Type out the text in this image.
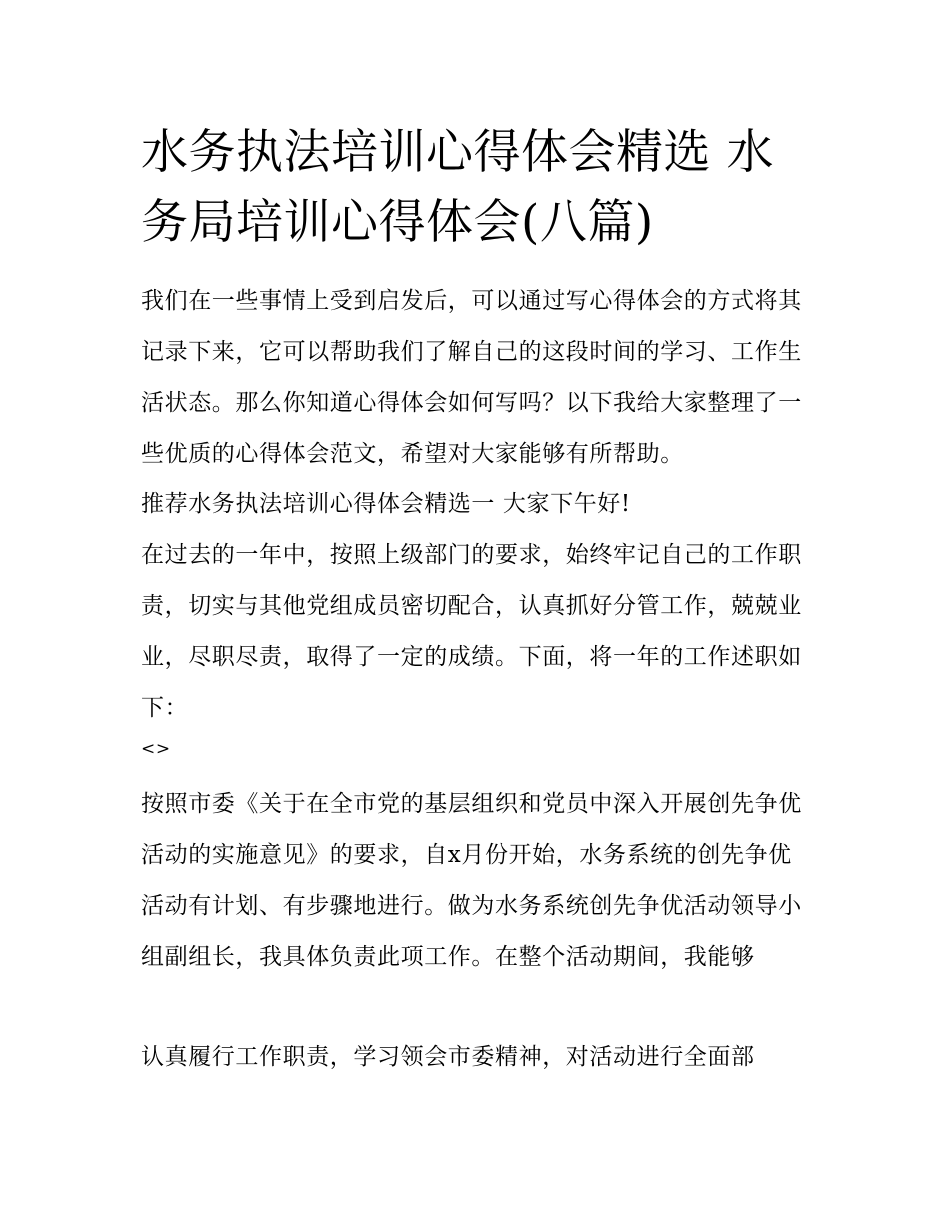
水务执法培训心得体会精选 水务局培训心得体会(八篇)

我们在一些事情上受到启发后，可以通过写心得体会的方式将其记录下来，它可以帮助我们了解自己的这段时间的学习、工作生活状态。那么你知道心得体会如何写吗？以下我给大家整理了一些优质的心得体会范文，希望对大家能够有所帮助。

推荐水务执法培训心得体会精选一 大家下午好!

在过去的一年中，按照上级部门的要求，始终牢记自己的工作职责，切实与其他党组成员密切配合，认真抓好分管工作，兢兢业业，尽职尽责，取得了一定的成绩。下面，将一年的工作述职如下：

<>

按照市委《关于在全市党的基层组织和党员中深入开展创先争优活动的实施意见》的要求，自x月份开始，水务系统的创先争优活动有计划、有步骤地进行。做为水务系统创先争优活动领导小组副组长，我具体负责此项工作。在整个活动期间，我能够

认真履行工作职责，学习领会市委精神，对活动进行全面部
